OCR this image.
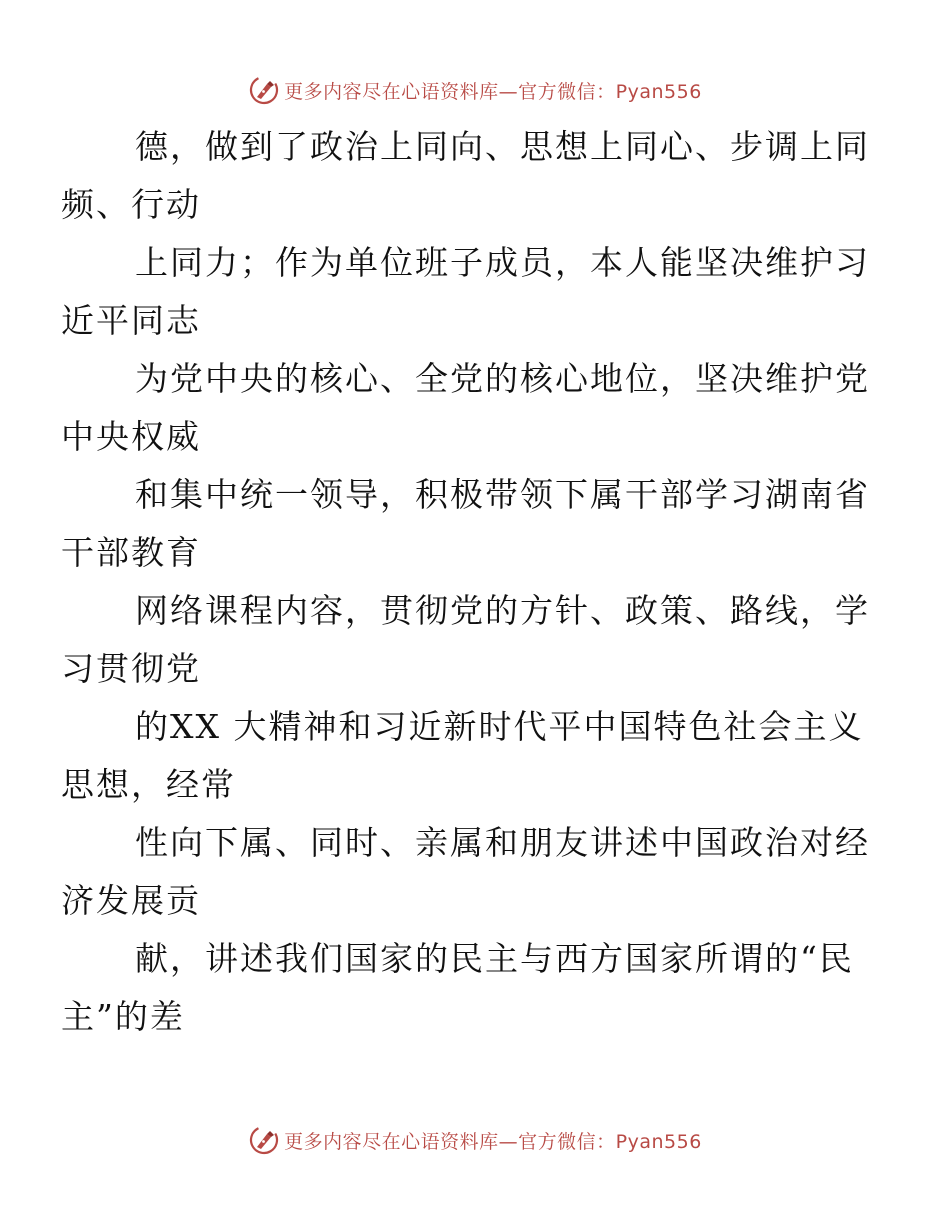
更多内容尽在心语资料库—官方微信：Pyan556

德，做到了政治上同向、思想上同心、步调上同
频、行动

上同力；作为单位班子成员，本人能坚决维护习
近平同志

为党中央的核心、全党的核心地位，坚决维护党
中央权威

和集中统一领导，积极带领下属干部学习湖南省
干部教育

网络课程内容，贯彻党的方针、政策、路线，学
习贯彻党

的XX 大精神和习近新时代平中国特色社会主义
思想，经常

性向下属、同时、亲属和朋友讲述中国政治对经
济发展贡

献，讲述我们国家的民主与西方国家所谓的“民
主”的差

更多内容尽在心语资料库—官方微信：Pyan556
